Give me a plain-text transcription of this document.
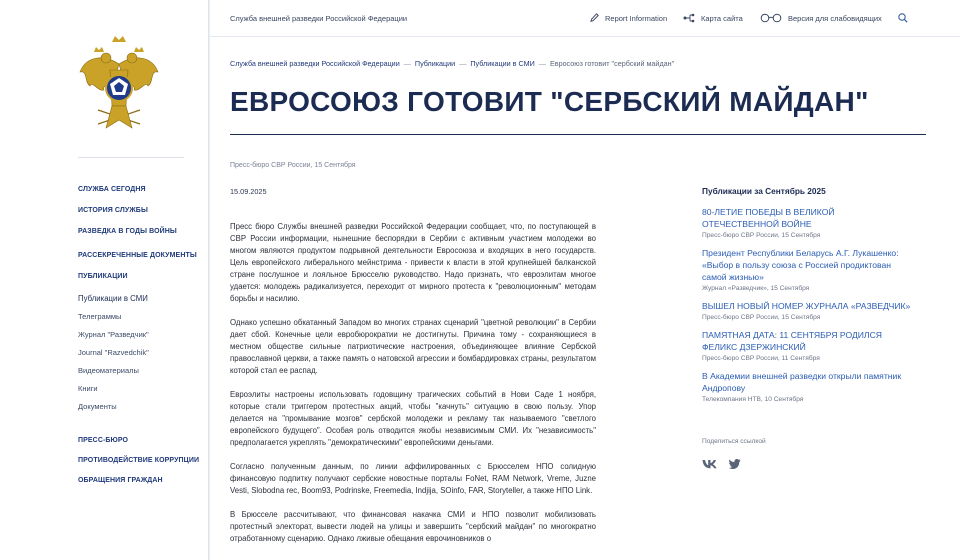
СЛУЖБА СЕГОДНЯ
ИСТОРИЯ СЛУЖБЫ
РАЗВЕДКА В ГОДЫ ВОЙНЫ
РАССЕКРЕЧЕННЫЕ ДОКУМЕНТЫ
ПУБЛИКАЦИИ
Публикации в СМИ
Телеграммы
Журнал "Разведчик"
Journal "Razvedchik"
Видеоматериалы
Книги
Документы
ПРЕСС-БЮРО
ПРОТИВОДЕЙСТВИЕ КОРРУПЦИИ
ОБРАЩЕНИЯ ГРАЖДАН
Служба внешней разведки Российской Федерации	Report Information	Карта сайта	Версия для слабовидящих
Служба внешней разведки Российской Федерации — Публикации — Публикации в СМИ — Евросоюз готовит "сербский майдан"
ЕВРОСОЮЗ ГОТОВИТ "СЕРБСКИЙ МАЙДАН"
Пресс-бюро СВР России, 15 Сентября
15.09.2025

Пресс бюро Службы внешней разведки Российской Федерации сообщает, что, по поступающей в СВР России информации, нынешние беспорядки в Сербии с активным участием молодежи во многом являются продуктом подрывной деятельности Евросоюза и входящих в него государств. Цель европейского либерального мейнстрима - привести к власти в этой крупнейшей балканской стране послушное и лояльное Брюсселю руководство. Надо признать, что евроэлитам многое удается: молодежь радикализуется, переходит от мирного протеста к "революционным" методам борьбы и насилию.

Однако успешно обкатанный Западом во многих странах сценарий "цветной революции" в Сербии дает сбой. Конечные цели евробюрократии не достигнуты. Причина тому - сохраняющиеся в местном обществе сильные патриотические настроения, объединяющее влияние Сербской православной церкви, а также память о натовской агрессии и бомбардировках страны, результатом которой стал ее распад.

Евроэлиты настроены использовать годовщину трагических событий в Нови Саде 1 ноября, которые стали триггером протестных акций, чтобы "качнуть" ситуацию в свою пользу. Упор делается на "промывание мозгов" сербской молодежи и рекламу так называемого "светлого европейского будущего". Особая роль отводится якобы независимым СМИ. Их "независимость" предполагается укреплять "демократическими" европейскими деньгами.

Согласно полученным данным, по линии аффилированных с Брюсселем НПО солидную финансовую подпитку получают сербские новостные порталы FoNet, RAM Network, Vreme, Juzne Vesti, Slobodna rec, Boom93, Podrinske, Freemedia, Indjija, SOinfo, FAR, Storyteller, а также НПО Link.

В Брюсселе рассчитывают, что финансовая накачка СМИ и НПО позволит мобилизовать протестный электорат, вывести людей на улицы и завершить "сербский майдан" по многократно отработанному сценарию. Однако лживые обещания еврочиновников о

Публикации за Сентябрь 2025
80-ЛЕТИЕ ПОБЕДЫ В ВЕЛИКОЙ ОТЕЧЕСТВЕННОЙ ВОЙНЕ
Пресс-бюро СВР России, 15 Сентября
Президент Республики Беларусь А.Г. Лукашенко: «Выбор в пользу союза с Россией продиктован самой жизнью»
Журнал «Разведчик», 15 Сентября
ВЫШЕЛ НОВЫЙ НОМЕР ЖУРНАЛА «РАЗВЕДЧИК»
Пресс-бюро СВР России, 15 Сентября
ПАМЯТНАЯ ДАТА: 11 СЕНТЯБРЯ РОДИЛСЯ ФЕЛИКС ДЗЕРЖИНСКИЙ
Пресс-бюро СВР России, 11 Сентября
В Академии внешней разведки открыли памятник Андропову
Телекомпания НТВ, 10 Сентября
Поделиться ссылкой
